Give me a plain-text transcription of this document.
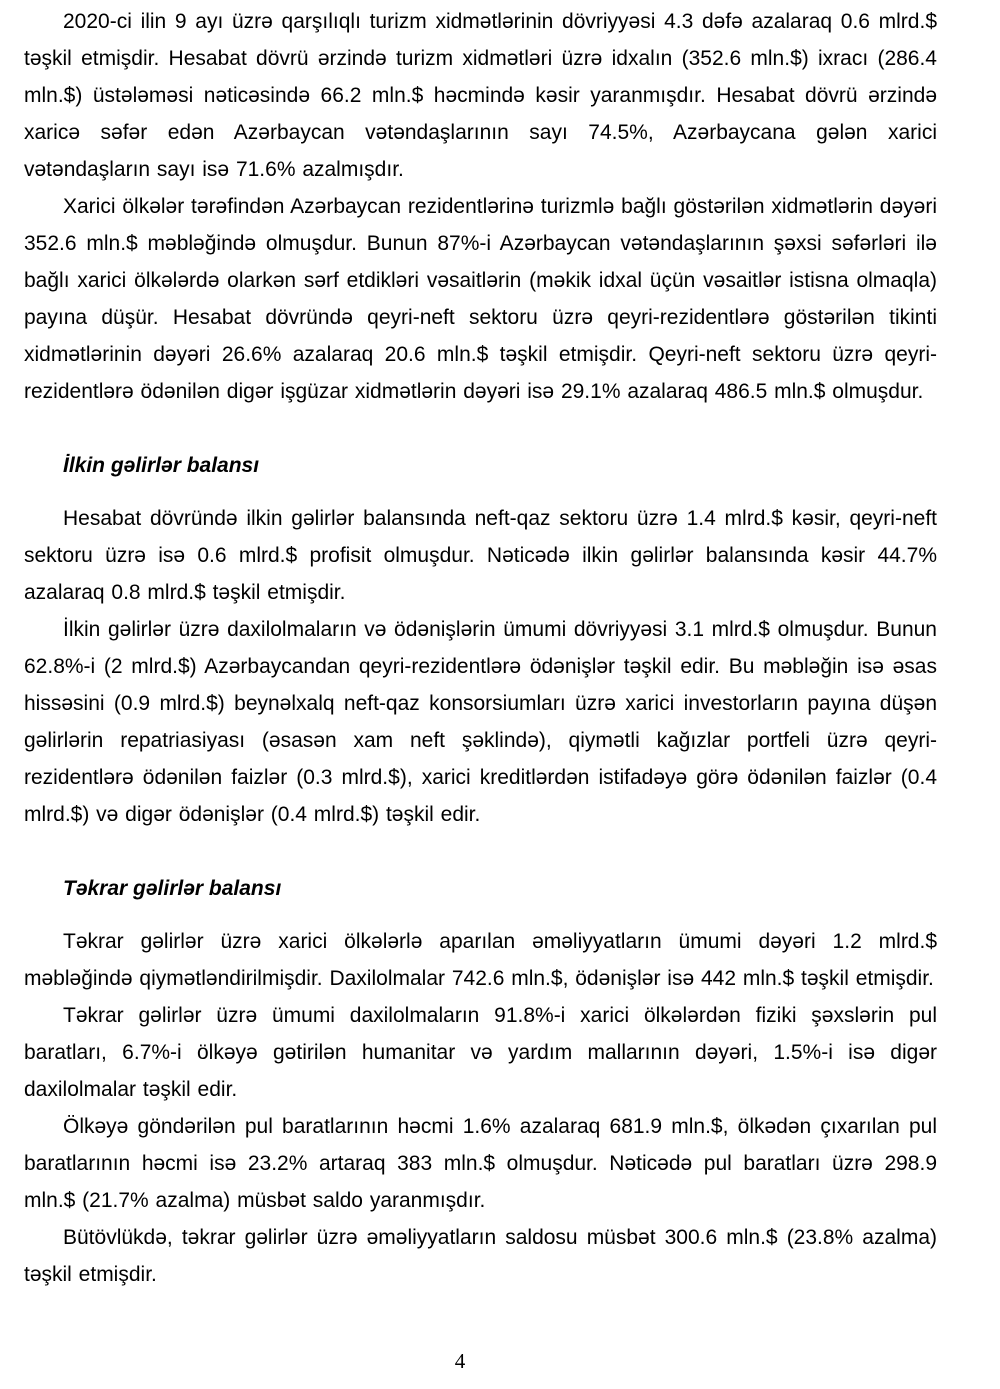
2020-ci ilin 9 ayı üzrə qarşılıqlı turizm xidmətlərinin dövriyyəsi 4.3 dəfə azalaraq 0.6 mlrd.$ təşkil etmişdir. Hesabat dövrü ərzində turizm xidmətləri üzrə idxalın (352.6 mln.$) ixracı (286.4 mln.$) üstələməsi nəticəsində 66.2 mln.$ həcmində kəsir yaranmışdır. Hesabat dövrü ərzində xaricə səfər edən Azərbaycan vətəndaşlarının sayı 74.5%, Azərbaycana gələn xarici vətəndaşların sayı isə 71.6% azalmışdır.

Xarici ölkələr tərəfindən Azərbaycan rezidentlərinə turizmlə bağlı göstərilən xidmətlərin dəyəri 352.6 mln.$ məbləğində olmuşdur. Bunun 87%-i Azərbaycan vətəndaşlarının şəxsi səfərləri ilə bağlı xarici ölkələrdə olarkən sərf etdikləri vəsaitlərin (məkik idxal üçün vəsaitlər istisna olmaqla) payına düşür. Hesabat dövründə qeyri-neft sektoru üzrə qeyri-rezidentlərə göstərilən tikinti xidmətlərinin dəyəri 26.6% azalaraq 20.6 mln.$ təşkil etmişdir. Qeyri-neft sektoru üzrə qeyri-rezidentlərə ödənilən digər işgüzar xidmətlərin dəyəri isə 29.1% azalaraq 486.5 mln.$ olmuşdur.

İlkin gəlirlər balansı

Hesabat dövründə ilkin gəlirlər balansında neft-qaz sektoru üzrə 1.4 mlrd.$ kəsir, qeyri-neft sektoru üzrə isə 0.6 mlrd.$ profisit olmuşdur. Nəticədə ilkin gəlirlər balansında kəsir 44.7% azalaraq 0.8 mlrd.$ təşkil etmişdir.

İlkin gəlirlər üzrə daxilolmaların və ödənişlərin ümumi dövriyyəsi 3.1 mlrd.$ olmuşdur. Bunun 62.8%-i (2 mlrd.$) Azərbaycandan qeyri-rezidentlərə ödənişlər təşkil edir. Bu məbləğin isə əsas hissəsini (0.9 mlrd.$) beynəlxalq neft-qaz konsorsiumları üzrə xarici investorların payına düşən gəlirlərin repatriasiyası (əsasən xam neft şəklində), qiymətli kağızlar portfeli üzrə qeyri-rezidentlərə ödənilən faizlər (0.3 mlrd.$), xarici kreditlərdən istifadəyə görə ödənilən faizlər (0.4 mlrd.$) və digər ödənişlər (0.4 mlrd.$) təşkil edir.

Təkrar gəlirlər balansı

Təkrar gəlirlər üzrə xarici ölkələrlə aparılan əməliyyatların ümumi dəyəri 1.2 mlrd.$ məbləğində qiymətləndirilmişdir. Daxilolmalar 742.6 mln.$, ödənişlər isə 442 mln.$ təşkil etmişdir.

Təkrar gəlirlər üzrə ümumi daxilolmaların 91.8%-i xarici ölkələrdən fiziki şəxslərin pul baratları, 6.7%-i ölkəyə gətirilən humanitar və yardım mallarının dəyəri, 1.5%-i isə digər daxilolmalar təşkil edir.

Ölkəyə göndərilən pul baratlarının həcmi 1.6% azalaraq 681.9 mln.$, ölkədən çıxarılan pul baratlarının həcmi isə 23.2% artaraq 383 mln.$ olmuşdur. Nəticədə pul baratları üzrə 298.9 mln.$ (21.7% azalma) müsbət saldo yaranmışdır.

Bütövlükdə, təkrar gəlirlər üzrə əməliyyatların saldosu müsbət 300.6 mln.$ (23.8% azalma) təşkil etmişdir.

4
